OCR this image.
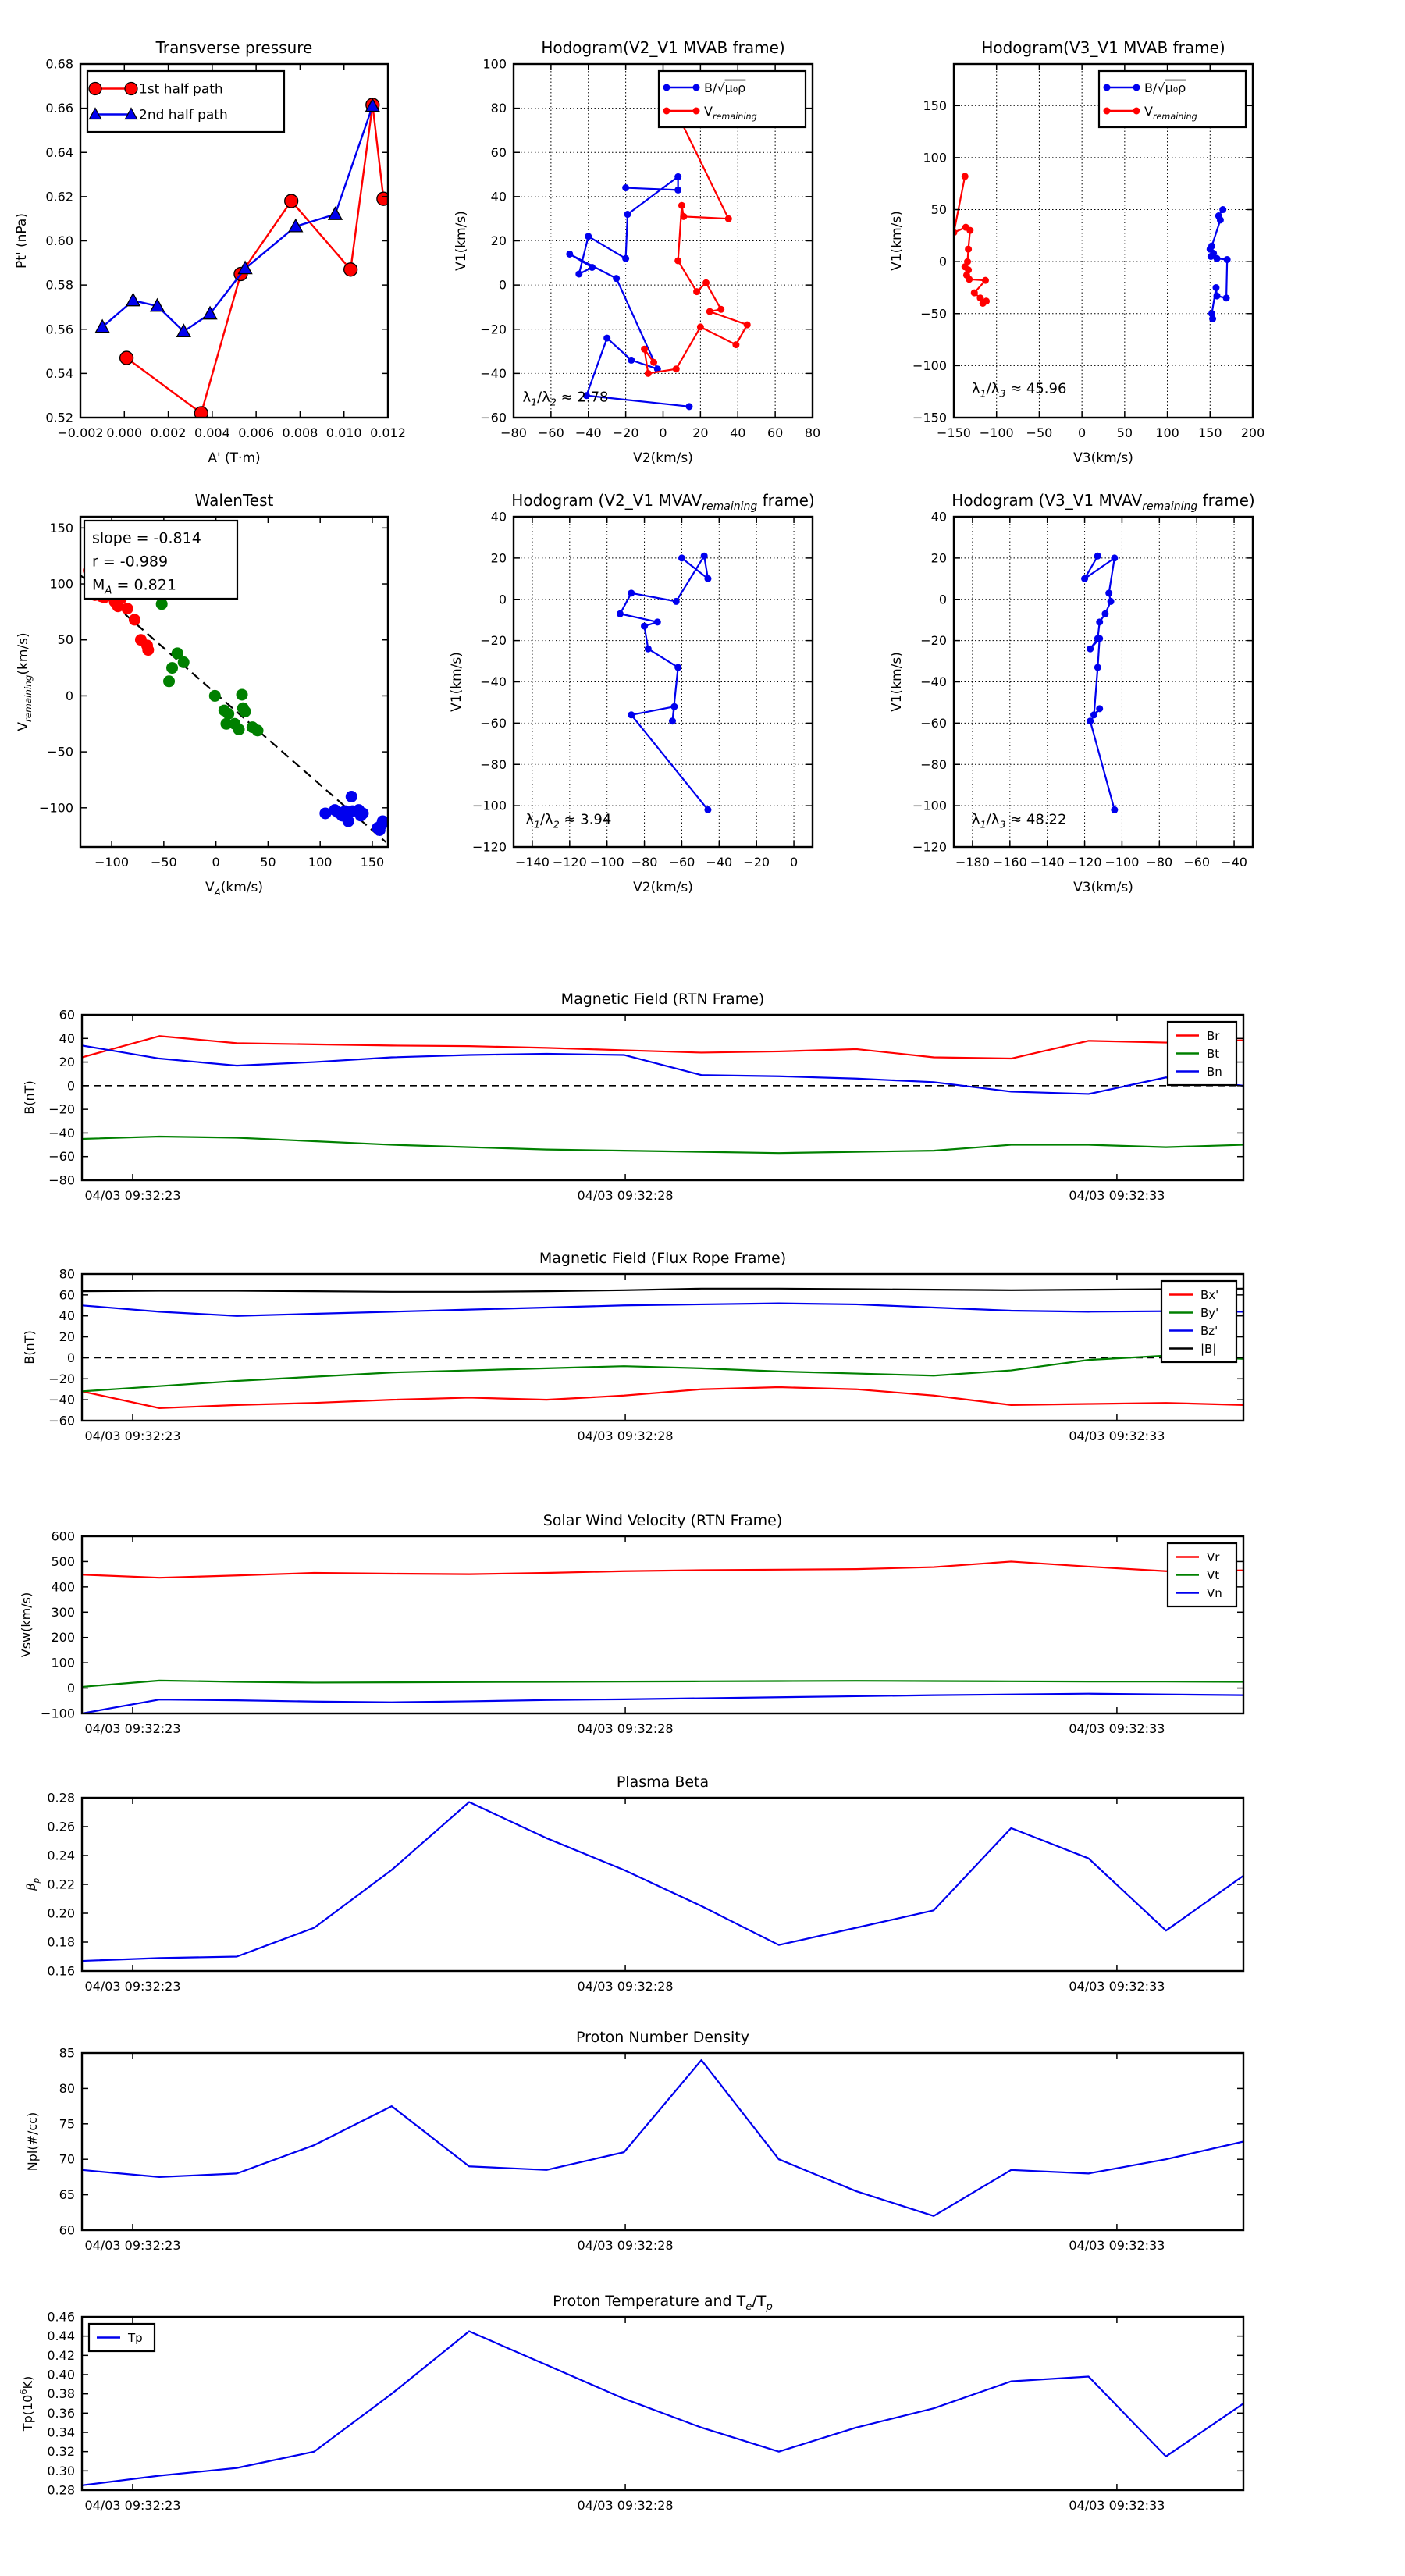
−0.002 0.000 0.002 0.004 0.006 0.008 0.010 0.012
0.52
0.54
0.56
0.58
0.60
0.62
0.64
0.66
0.68
Transverse pressure
A' (T·m)
Pt' (nPa)
1st half path
2nd half path
−80 −60 −40 −20 0 20 40 60 80
−60
−40
−20
0
20
40
60
80
100
Hodogram(V2_V1 MVAB frame)
V2(km/s)
V1(km/s)
$\lambda_1/\lambda_2 \approx 2.78$
B/√μ₀ρ
$V_{remaining}$
−150 −100 −50 0 50 100 150 200
−150
−100
−50
0
50
100
150
Hodogram(V3_V1 MVAB frame)
V3(km/s)
V1(km/s)
$\lambda_1/\lambda_3 \approx 45.96$
B/√μ₀ρ
$V_{remaining}$
−100 −50	0	50	100 150
−100
−50
0
50
100
150
WalenTest
$V_A(km/s)$
$V_{remaining}(km/s)$
slope = -0.814
r = -0.989
$M_A = 0.821$
−140 −120 −100 −80 −60 −40 −20 0
−120
−100
−80
−60
−40
−20
0
20
40
Hodogram (V2_V1 $MVAV_{remaining}$ frame)
V2(km/s)
V1(km/s)
$\lambda_1/\lambda_2 \approx 3.94$
−180 −160 −140 −120 −100 −80 −60 −40
−120
−100
−80
−60
−40
−20
0
20
40
Hodogram (V3_V1 $MVAV_{remaining}$ frame)
V3(km/s)
V1(km/s)
$\lambda_1/\lambda_3 \approx 48.22$
04/03 09:32:23	04/03 09:32:28	04/03 09:32:33
−80
−60
−40
−20
0
20
40
60
Magnetic Field (RTN Frame)
B(nT)
Br
Bt
Bn
04/03 09:32:23	04/03 09:32:28	04/03 09:32:33
−60
−40
−20
0
20
40
60
80
Magnetic Field (Flux Rope Frame)
B(nT)
Bx'
By'
Bz'
|B|
04/03 09:32:23	04/03 09:32:28	04/03 09:32:33
−100
0
100
200
300
400
500
600
Solar Wind Velocity (RTN Frame)
Vsw(km/s)
Vr
Vt
Vn
04/03 09:32:23	04/03 09:32:28	04/03 09:32:33
0.16
0.18
0.20
0.22
0.24
0.26
0.28
Plasma Beta
$\beta_p$
04/03 09:32:23	04/03 09:32:28	04/03 09:32:33
60
65
70
75
80
85
Proton Number Density
Npl(#/cc)
04/03 09:32:23	04/03 09:32:28	04/03 09:32:33
0.28
0.30
0.32
0.34
0.36
0.38
0.40
0.42
0.44
0.46
Proton Temperature and $T_e/T_p$
$Tp(10^6K)$
Tp
